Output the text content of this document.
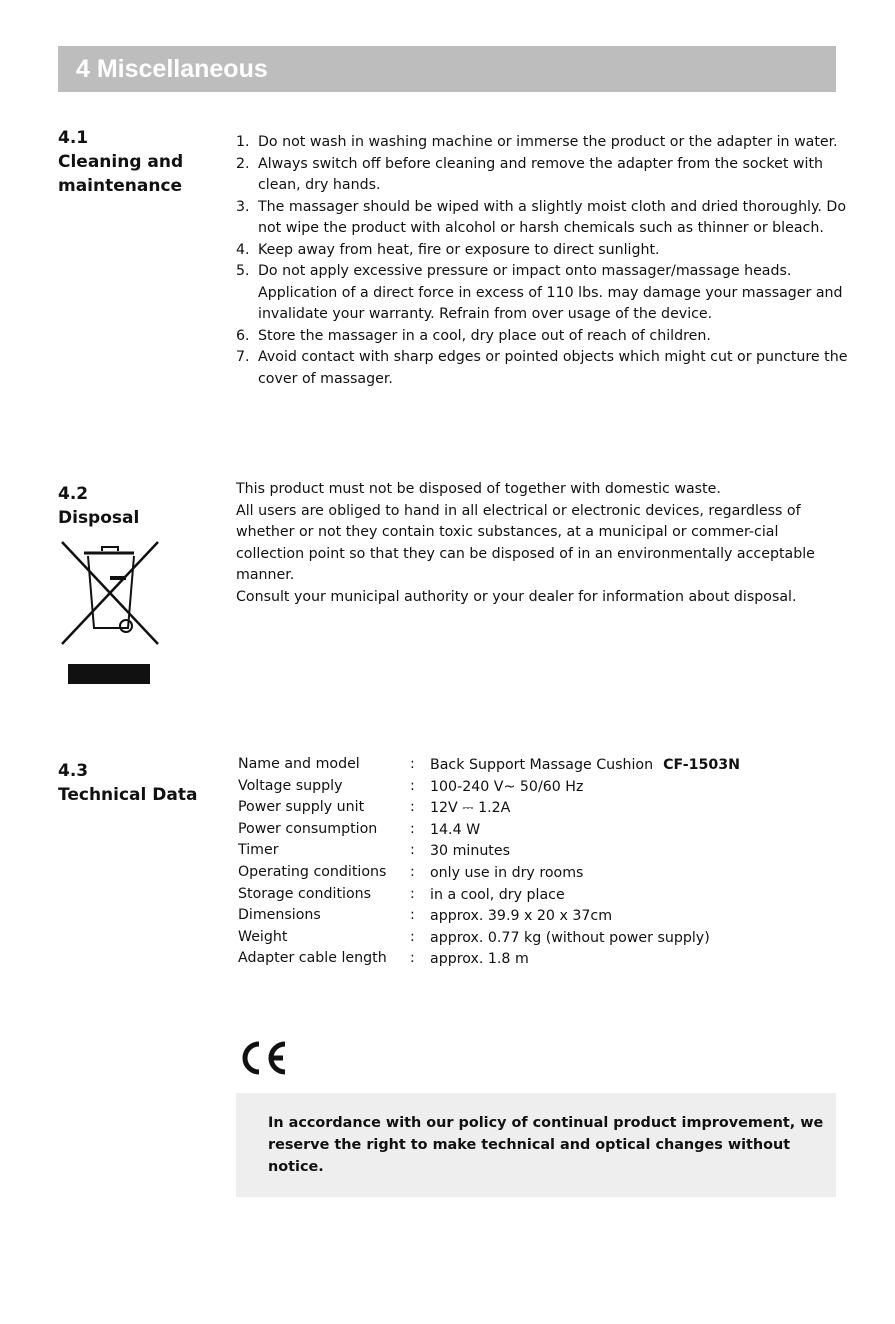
4 Miscellaneous
4.1
Cleaning and
maintenance
1. Do not wash in washing machine or immerse the product or the adapter in water.
2. Always switch off before cleaning and remove the adapter from the socket with clean, dry hands.
3. The massager should be wiped with a slightly moist cloth and dried thoroughly. Do not wipe the product with alcohol or harsh chemicals such as thinner or bleach.
4. Keep away from heat, fire or exposure to direct sunlight.
5. Do not apply excessive pressure or impact onto massager/massage heads. Application of a direct force in excess of 110 lbs. may damage your massager and invalidate your warranty. Refrain from over usage of the device.
6. Store the massager in a cool, dry place out of reach of children.
7. Avoid contact with sharp edges or pointed objects which might cut or puncture the cover of massager.
4.2
Disposal

This product must not be disposed of together with domestic waste.

All users are obliged to hand in all electrical or electronic devices, regardless of whether or not they contain toxic substances, at a municipal or commer-cial collection point so that they can be disposed of in an environmentally acceptable manner.

Consult your municipal authority or your dealer for information about disposal.

4.3
Technical Data
Name and model	: Back Support Massage Cushion CF-1503N
Voltage supply	: 100-240 V~ 50/60 Hz
Power supply unit	: 12V ⎓ 1.2A
Power consumption : 14.4 W
Timer	: 30 minutes
Operating conditions : only use in dry rooms
Storage conditions	: in a cool, dry place
Dimensions	: approx. 39.9 x 20 x 37cm
Weight	: approx. 0.77 kg (without power supply)
Adapter cable length : approx. 1.8 m
In accordance with our policy of continual product improvement, we reserve the right to make technical and optical changes without notice.
